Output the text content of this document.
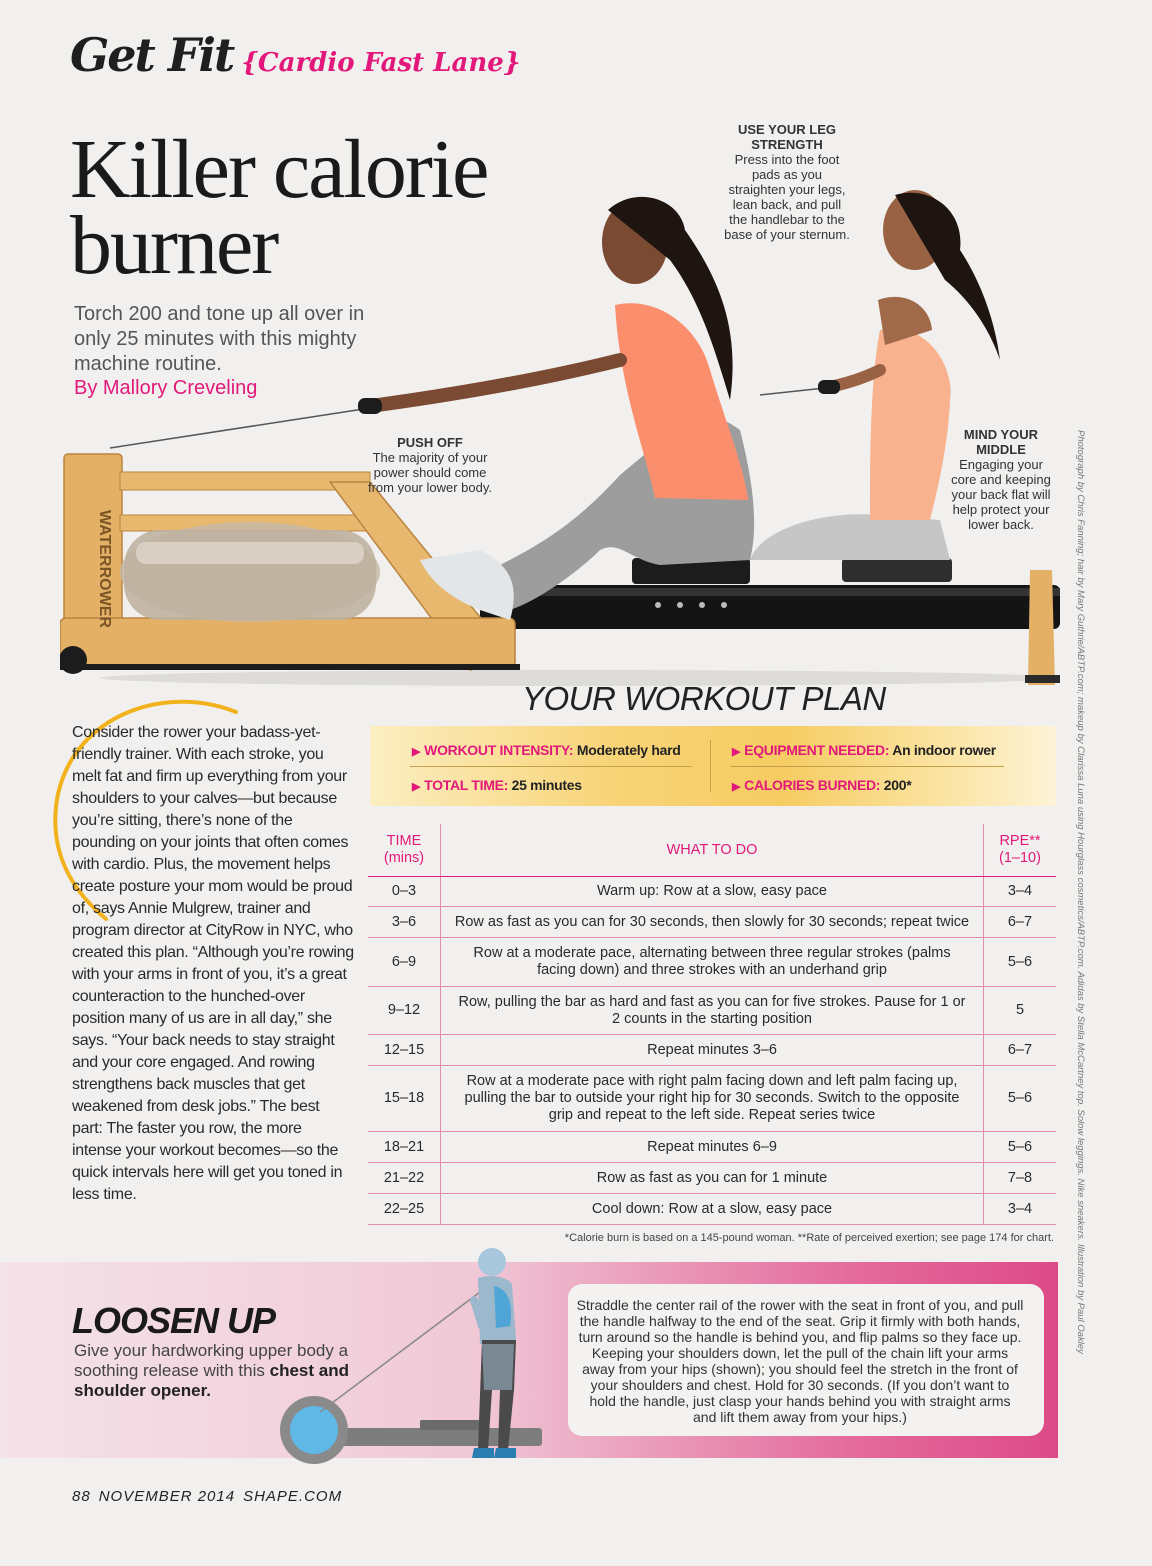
Get Fit {Cardio Fast Lane}
WATERROWER
Killer calorie
burner
Torch 200 and tone up all over in only 25 minutes with this mighty machine routine.
By Mallory Creveling
USE YOUR LEG STRENGTH
Press into the foot pads as you straighten your legs, lean back, and pull the handlebar to the base of your sternum.
PUSH OFF
The majority of your power should come from your lower body.
MIND YOUR MIDDLE
Engaging your core and keeping your back flat will help protect your lower back.	Photograph by Chris Fanning; hair by Mary Guthrie/ABTP.com; makeup by Clarissa Luna using Hourglass cosmetics/ABTP.com. Adidas by Stella McCartney top. Solow leggings. Nike sneakers. Illustration by Paul Oakley
Consider the rower your badass-yet-friendly trainer. With each stroke, you melt fat and firm up everything from your shoulders to your calves—but because you’re sitting, there’s none of the pounding on your joints that often comes with cardio. Plus, the movement helps create posture your mom would be proud of, says Annie Mulgrew, trainer and program director at CityRow in NYC, who created this plan. “Although you’re rowing with your arms in front of you, it’s a great counteraction to the hunched-over position many of us are in all day,” she says. “Your back needs to stay straight and your core engaged. And rowing strengthens back muscles that get weakened from desk jobs.” The best part: The faster you row, the more intense your workout becomes—so the quick intervals here will get you toned in less time.
YOUR WORKOUT PLAN
▶ WORKOUT INTENSITY: Moderately hard
▶ TOTAL TIME: 25 minutes
▶ EQUIPMENT NEEDED: An indoor rower
▶ CALORIES BURNED: 200*
TIME
(mins)	WHAT TO DO	RPE**
(1–10)
0–3	Warm up: Row at a slow, easy pace	3–4
3–6	Row as fast as you can for 30 seconds, then slowly for 30 seconds; repeat twice	6–7
6–9	Row at a moderate pace, alternating between three regular strokes (palms facing down) and three strokes with an underhand grip	5–6
9–12	Row, pulling the bar as hard and fast as you can for five strokes. Pause for 1 or 2 counts in the starting position	5
12–15	Repeat minutes 3–6	6–7
15–18	Row at a moderate pace with right palm facing down and left palm facing up, pulling the bar to outside your right hip for 30 seconds. Switch to the opposite grip and repeat to the left side. Repeat series twice	5–6
18–21	Repeat minutes 6–9	5–6
21–22	Row as fast as you can for 1 minute	7–8
22–25	Cool down: Row at a slow, easy pace	3–4
*Calorie burn is based on a 145-pound woman. **Rate of perceived exertion; see page 174 for chart.
Straddle the center rail of the rower with the seat in front of you, and pull the handle halfway to the end of the seat. Grip it firmly with both hands, turn around so the handle is behind you, and flip palms so they face up. Keeping your shoulders down, let the pull of the chain lift your arms away from your hips (shown); you should feel the stretch in the front of your shoulders and chest. Hold for 30 seconds. (If you don’t want to hold the handle, just clasp your hands behind you with straight arms and lift them away from your hips.)
LOOSEN UP
Give your hardworking upper body a soothing release with this chest and shoulder opener.
88 NOVEMBER 2014 SHAPE.COM
